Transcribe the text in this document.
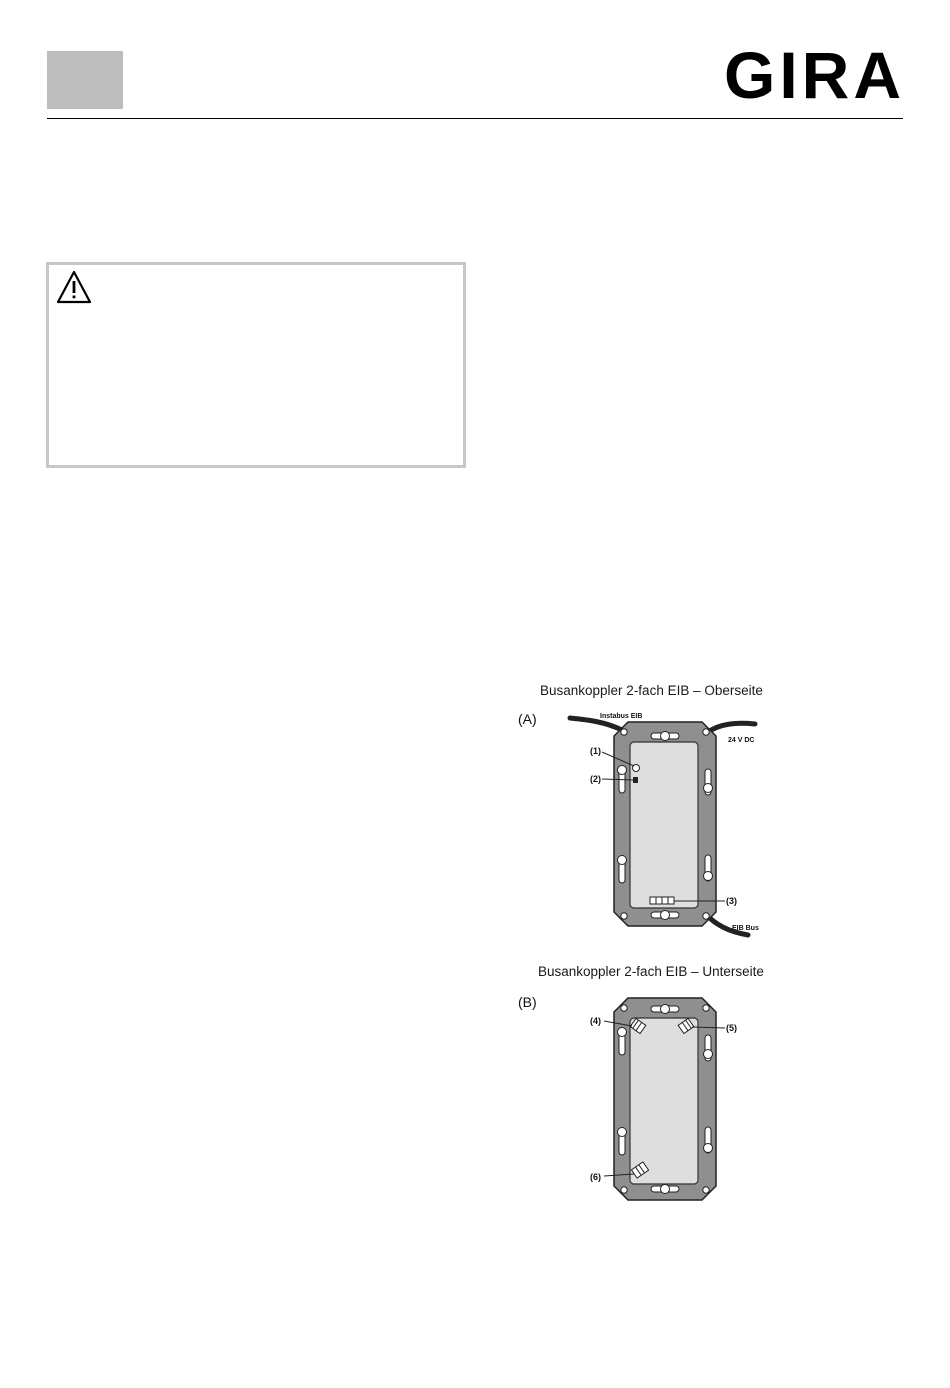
GIRA
Busankoppler 2-fach EIB – Oberseite
(A)	Instabus EIB
24 V DC
EIB Bus
(1)
(2)
(3)
Busankoppler 2-fach EIB – Unterseite
(B)
(4)
(5)
(6)
